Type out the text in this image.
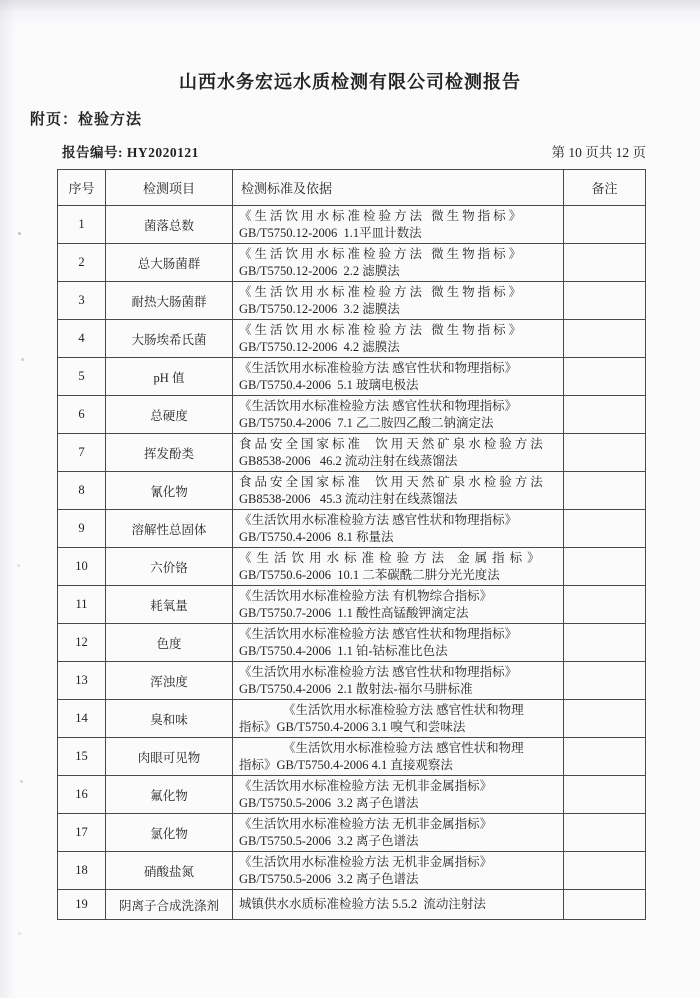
山西水务宏远水质检测有限公司检测报告
附页：检验方法
报告编号: HY2020121	第 10 页共 12 页
序号	检测项目	检测标准及依据	备注
1	菌落总数	《生活饮用水标准检验方法 微生物指标》
GB/T5750.12-2006  1.1平皿计数法	

2	总大肠菌群	《生活饮用水标准检验方法 微生物指标》
GB/T5750.12-2006  2.2 滤膜法	

3	耐热大肠菌群	《生活饮用水标准检验方法 微生物指标》
GB/T5750.12-2006  3.2 滤膜法	

4	大肠埃希氏菌	《生活饮用水标准检验方法 微生物指标》
GB/T5750.12-2006  4.2 滤膜法	

5	pH 值	《生活饮用水标准检验方法 感官性状和物理指标》
GB/T5750.4-2006  5.1 玻璃电极法	

6	总硬度	《生活饮用水标准检验方法 感官性状和物理指标》
GB/T5750.4-2006  7.1 乙二胺四乙酸二钠滴定法	

7	挥发酚类	食品安全国家标准  饮用天然矿泉水检验方法
GB8538-2006   46.2 流动注射在线蒸馏法	

8	氰化物	食品安全国家标准  饮用天然矿泉水检验方法
GB8538-2006   45.3 流动注射在线蒸馏法	

9	溶解性总固体	《生活饮用水标准检验方法 感官性状和物理指标》
GB/T5750.4-2006  8.1 称量法	

10	六价铬	《生活饮用水标准检验方法 金属指标》
GB/T5750.6-2006  10.1 二苯碳酰二肼分光光度法	

11	耗氧量	《生活饮用水标准检验方法 有机物综合指标》
GB/T5750.7-2006  1.1 酸性高锰酸钾滴定法	

12	色度	《生活饮用水标准检验方法 感官性状和物理指标》
GB/T5750.4-2006  1.1 铂-钴标准比色法	

13	浑浊度	《生活饮用水标准检验方法 感官性状和物理指标》
GB/T5750.4-2006  2.1 散射法-福尔马肼标准	

14	臭和味	《生活饮用水标准检验方法 感官性状和物理
指标》GB/T5750.4-2006 3.1 嗅气和尝味法	

15	肉眼可见物	《生活饮用水标准检验方法 感官性状和物理
指标》GB/T5750.4-2006 4.1 直接观察法	

16	氟化物	《生活饮用水标准检验方法 无机非金属指标》
GB/T5750.5-2006  3.2 离子色谱法	

17	氯化物	《生活饮用水标准检验方法 无机非金属指标》
GB/T5750.5-2006  3.2 离子色谱法	

18	硝酸盐氮	《生活饮用水标准检验方法 无机非金属指标》
GB/T5750.5-2006  3.2 离子色谱法	

19	阴离子合成洗涤剂	城镇供水水质标准检验方法 5.5.2  流动注射法	
